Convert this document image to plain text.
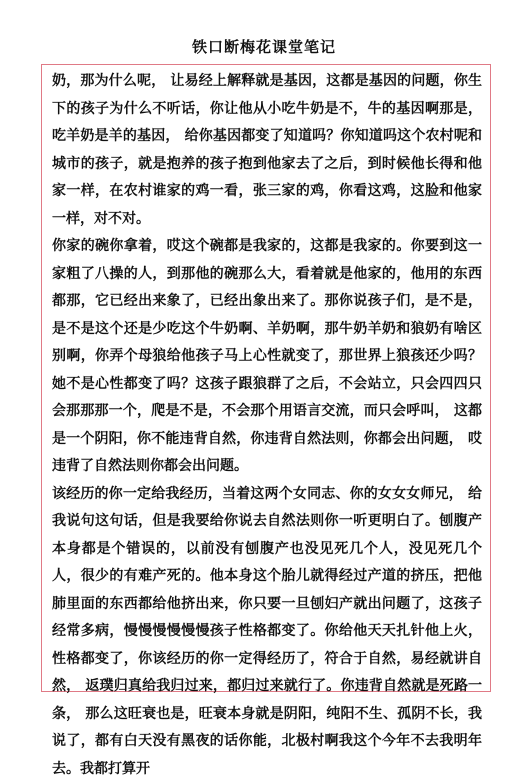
铁口断梅花课堂笔记

奶，那为什么呢， 让易经上解释就是基因，这都是基因的问题，你生下的孩子为什么不听话，你让他从小吃牛奶是不，牛的基因啊那是，吃羊奶是羊的基因， 给你基因都变了知道吗？你知道吗这个农村呢和城市的孩子，就是抱养的孩子抱到他家去了之后，到时候他长得和他家一样，在农村谁家的鸡一看，张三家的鸡，你看这鸡，这脸和他家一样，对不对。

你家的碗你拿着，哎这个碗都是我家的，这都是我家的。你要到这一家粗了八操的人，到那他的碗那么大，看着就是他家的，他用的东西都那，它已经出来象了，已经出象出来了。那你说孩子们，是不是，是不是这个还是少吃这个牛奶啊、羊奶啊，那牛奶羊奶和狼奶有啥区别啊，你弄个母狼给他孩子马上心性就变了，那世界上狼孩还少吗？她不是心性都变了吗？这孩子跟狼群了之后，不会站立，只会四四只会那那那一个，爬是不是，不会那个用语言交流，而只会呼叫， 这都是一个阴阳，你不能违背自然，你违背自然法则，你都会出问题， 哎违背了自然法则你都会出问题。

该经历的你一定给我经历，当着这两个女同志、你的女女女师兄， 给我说句这句话，但是我要给你说去自然法则你一听更明白了。刨腹产本身都是个错误的，以前没有刨腹产也没见死几个人，没见死几个人，很少的有难产死的。他本身这个胎儿就得经过产道的挤压，把他肺里面的东西都给他挤出来，你只要一旦刨妇产就出问题了，这孩子经常多病，慢慢慢慢慢慢孩子性格都变了。你给他天天扎针他上火，性格都变了，你该经历的你一定得经历了，符合于自然，易经就讲自然， 返璞归真给我归过来，都归过来就行了。你违背自然就是死路一条， 那么这旺衰也是，旺衰本身就是阴阳，纯阳不生、孤阴不长，我说了，都有白天没有黑夜的话你能，北极村啊我这个今年不去我明年去。我都打算开
